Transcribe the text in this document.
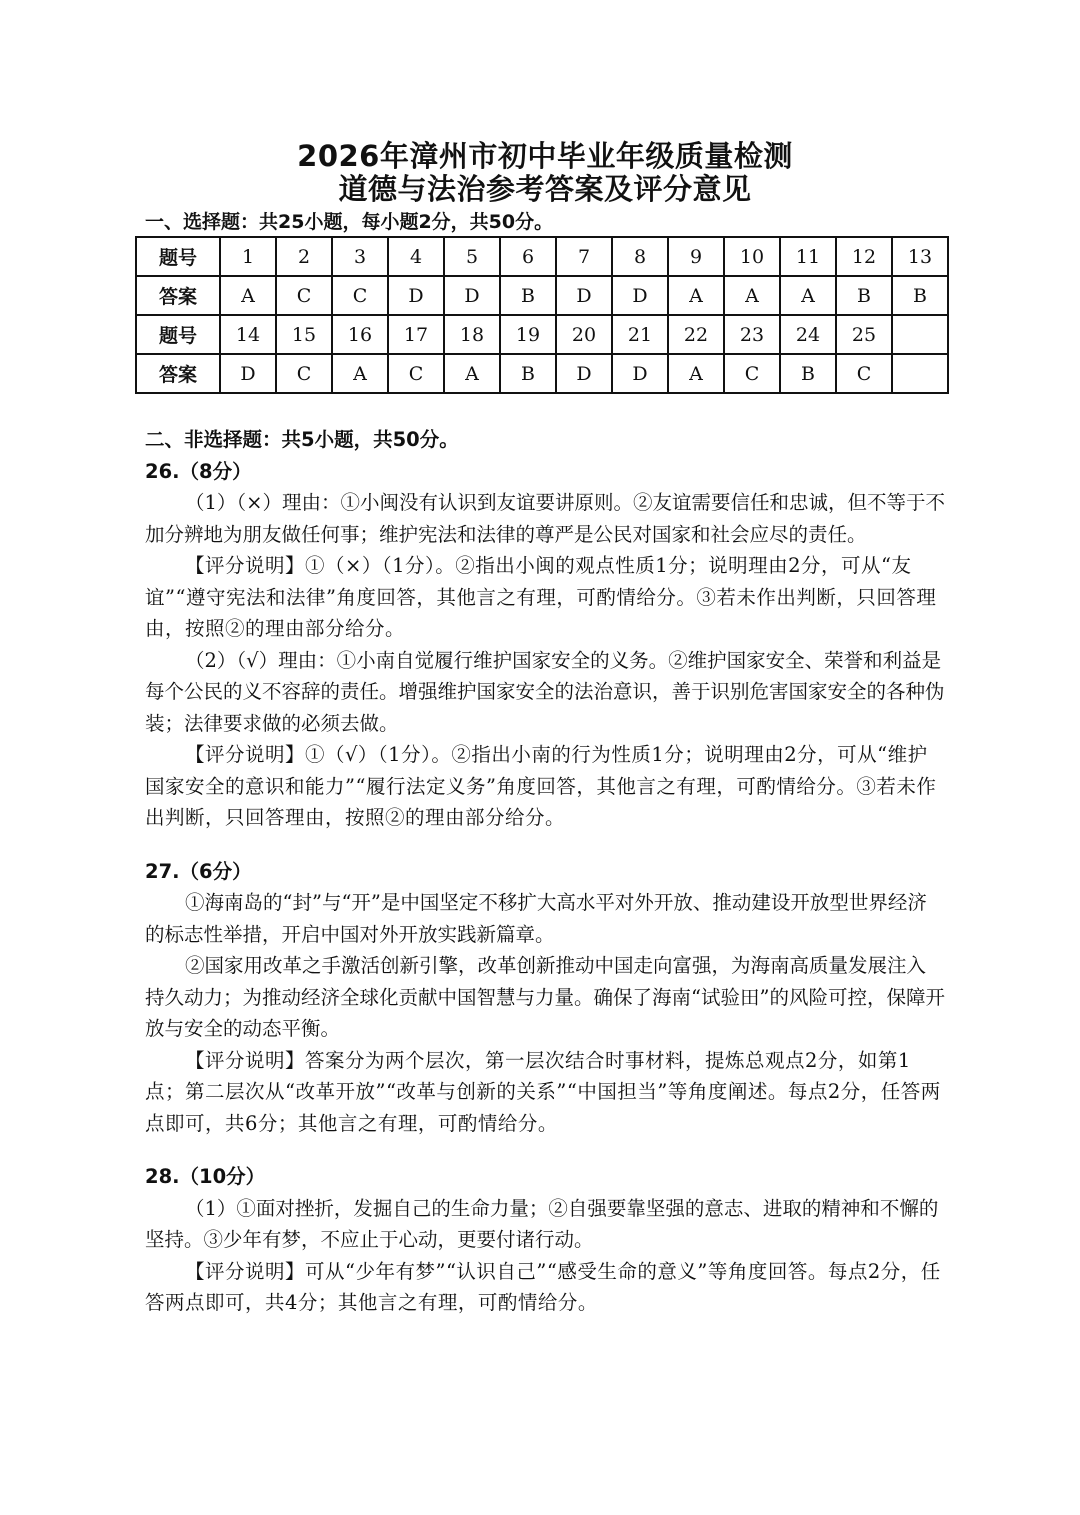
2026年漳州市初中毕业年级质量检测
道德与法治参考答案及评分意见

一、选择题：共25小题，每小题2分，共50分。

题号	1	2	3	4	5	6	7	8	9	10	11	12	13
答案	A	C	C	D	D	B	D	D	A	A	A	B	B
题号	14	15	16	17	18	19	20	21	22	23	24	25	
答案	D	C	A	C	A	B	D	D	A	C	B	C	

二、非选择题：共5小题，共50分。

26.（8分）

（1）（×）理由：①小闽没有认识到友谊要讲原则。②友谊需要信任和忠诚，但不等于不加分辨地为朋友做任何事；维护宪法和法律的尊严是公民对国家和社会应尽的责任。

【评分说明】①（×）（1分）。②指出小闽的观点性质1分；说明理由2分，可从“友谊”“遵守宪法和法律”角度回答，其他言之有理，可酌情给分。③若未作出判断，只回答理由，按照②的理由部分给分。

（2）（√）理由：①小南自觉履行维护国家安全的义务。②维护国家安全、荣誉和利益是每个公民的义不容辞的责任。增强维护国家安全的法治意识，善于识别危害国家安全的各种伪装；法律要求做的必须去做。

【评分说明】①（√）（1分）。②指出小南的行为性质1分；说明理由2分，可从“维护国家安全的意识和能力”“履行法定义务”角度回答，其他言之有理，可酌情给分。③若未作出判断，只回答理由，按照②的理由部分给分。

27.（6分）

①海南岛的“封”与“开”是中国坚定不移扩大高水平对外开放、推动建设开放型世界经济的标志性举措，开启中国对外开放实践新篇章。

②国家用改革之手激活创新引擎，改革创新推动中国走向富强，为海南高质量发展注入持久动力；为推动经济全球化贡献中国智慧与力量。确保了海南“试验田”的风险可控，保障开放与安全的动态平衡。

【评分说明】答案分为两个层次，第一层次结合时事材料，提炼总观点2分，如第1点；第二层次从“改革开放”“改革与创新的关系”“中国担当”等角度阐述。每点2分，任答两点即可，共6分；其他言之有理，可酌情给分。

28.（10分）

（1）①面对挫折，发掘自己的生命力量；②自强要靠坚强的意志、进取的精神和不懈的坚持。③少年有梦，不应止于心动，更要付诸行动。

【评分说明】可从“少年有梦”“认识自己”“感受生命的意义”等角度回答。每点2分，任答两点即可，共4分；其他言之有理，可酌情给分。
